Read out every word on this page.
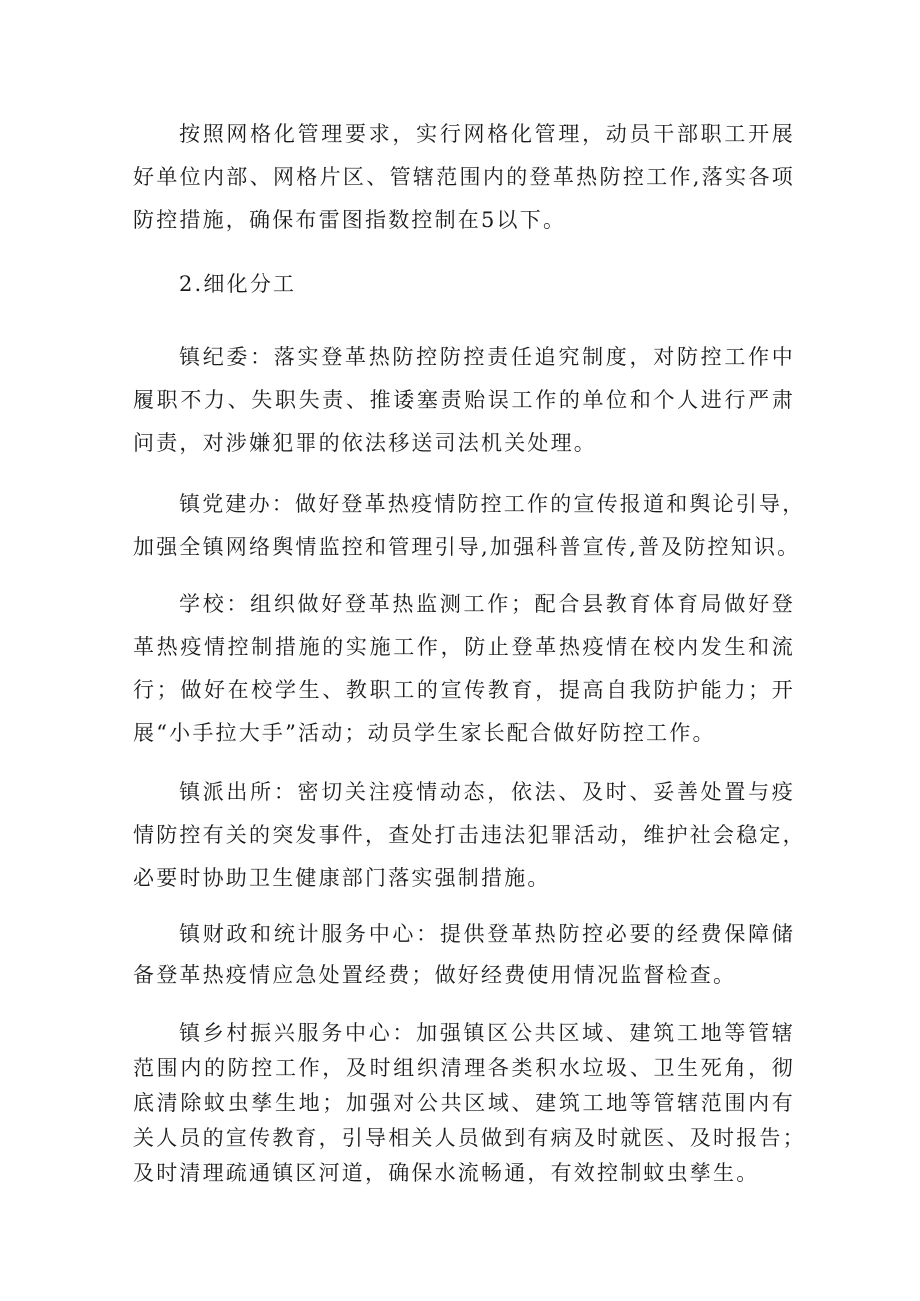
按照网格化管理要求，实行网格化管理，动员干部职工开展
好单位内部、网格片区、管辖范围内的登革热防控工作,落实各项
防控措施，确保布雷图指数控制在5以下。

2.细化分工

镇纪委：落实登革热防控防控责任追究制度，对防控工作中
履职不力、失职失责、推诿塞责贻误工作的单位和个人进行严肃
问责，对涉嫌犯罪的依法移送司法机关处理。

镇党建办：做好登革热疫情防控工作的宣传报道和舆论引导，
加强全镇网络舆情监控和管理引导,加强科普宣传,普及防控知识。

学校：组织做好登革热监测工作；配合县教育体育局做好登
革热疫情控制措施的实施工作，防止登革热疫情在校内发生和流
行；做好在校学生、教职工的宣传教育，提高自我防护能力；开
展“小手拉大手”活动；动员学生家长配合做好防控工作。

镇派出所：密切关注疫情动态，依法、及时、妥善处置与疫
情防控有关的突发事件，查处打击违法犯罪活动，维护社会稳定，
必要时协助卫生健康部门落实强制措施。

镇财政和统计服务中心：提供登革热防控必要的经费保障储
备登革热疫情应急处置经费；做好经费使用情况监督检查。

镇乡村振兴服务中心：加强镇区公共区域、建筑工地等管辖
范围内的防控工作，及时组织清理各类积水垃圾、卫生死角，彻
底清除蚊虫孳生地；加强对公共区域、建筑工地等管辖范围内有
关人员的宣传教育，引导相关人员做到有病及时就医、及时报告；
及时清理疏通镇区河道，确保水流畅通，有效控制蚊虫孳生。
